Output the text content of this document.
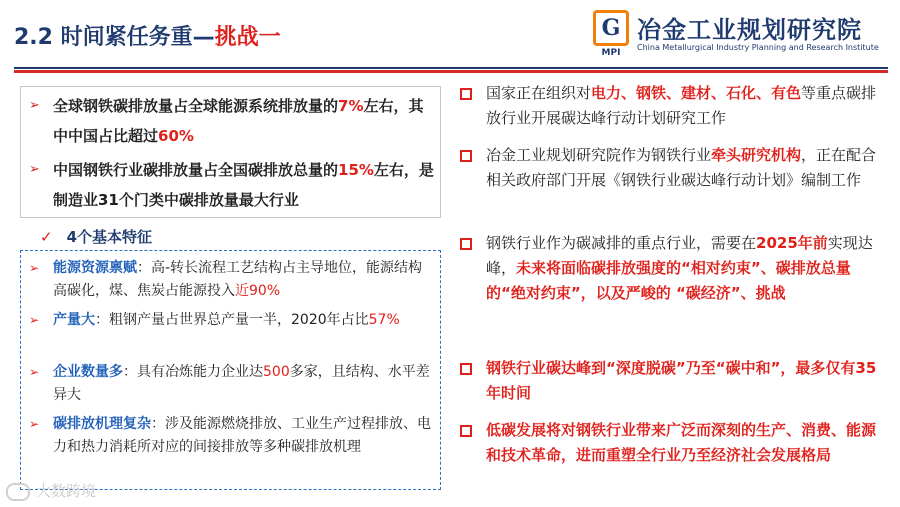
2.2 时间紧任务重—挑战一	G
MPI
冶金工业规划研究院
China Metallurgical Industry Planning and Research Institute
➢ 全球钢铁碳排放量占全球能源系统排放量的7%左右，其中中国占比超过60%
➢ 中国钢铁行业碳排放量占全国碳排放总量的15%左右，是制造业31个门类中碳排放量最大行业
✓ 4个基本特征
➢ 能源资源禀赋：高-转长流程工艺结构占主导地位，能源结构高碳化，煤、焦炭占能源投入近90%
➢ 产量大：粗钢产量占世界总产量一半，2020年占比57%
➢ 企业数量多：具有冶炼能力企业达500多家，且结构、水平差异大
➢ 碳排放机理复杂：涉及能源燃烧排放、工业生产过程排放、电力和热力消耗所对应的间接排放等多种碳排放机理
国家正在组织对电力、钢铁、建材、石化、有色等重点碳排放行业开展碳达峰行动计划研究工作
冶金工业规划研究院作为钢铁行业牵头研究机构，正在配合相关政府部门开展《钢铁行业碳达峰行动计划》编制工作
钢铁行业作为碳减排的重点行业，需要在2025年前实现达峰，未来将面临碳排放强度的“相对约束”、碳排放总量的“绝对约束”，以及严峻的 “碳经济”、挑战
钢铁行业碳达峰到“深度脱碳”乃至“碳中和”，最多仅有35年时间
低碳发展将对钢铁行业带来广泛而深刻的生产、消费、能源和技术革命，进而重塑全行业乃至经济社会发展格局
大数跨境
